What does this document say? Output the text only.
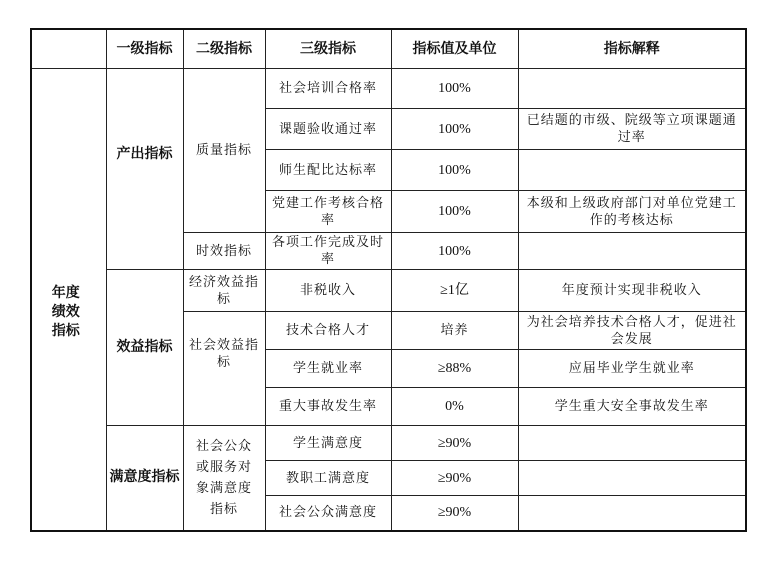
	一级指标	二级指标	三级指标	指标值及单位	指标解释

年度绩效指标	产出指标	质量指标	社会培训合格率	100%	
			课题验收通过率	100%	已结题的市级、院级等立项课题通过率
			师生配比达标率	100%	
			党建工作考核合格率	100%	本级和上级政府部门对单位党建工作的考核达标
		时效指标	各项工作完成及时率	100%	
	效益指标	经济效益指标	非税收入	≥1亿	年度预计实现非税收入
		社会效益指标	技术合格人才	培养	为社会培养技术合格人才，促进社会发展
			学生就业率	≥88%	应届毕业学生就业率
			重大事故发生率	0%	学生重大安全事故发生率
	满意度指标	社会公众或服务对象满意度指标	学生满意度	≥90%	
			教职工满意度	≥90%	
			社会公众满意度	≥90%	
